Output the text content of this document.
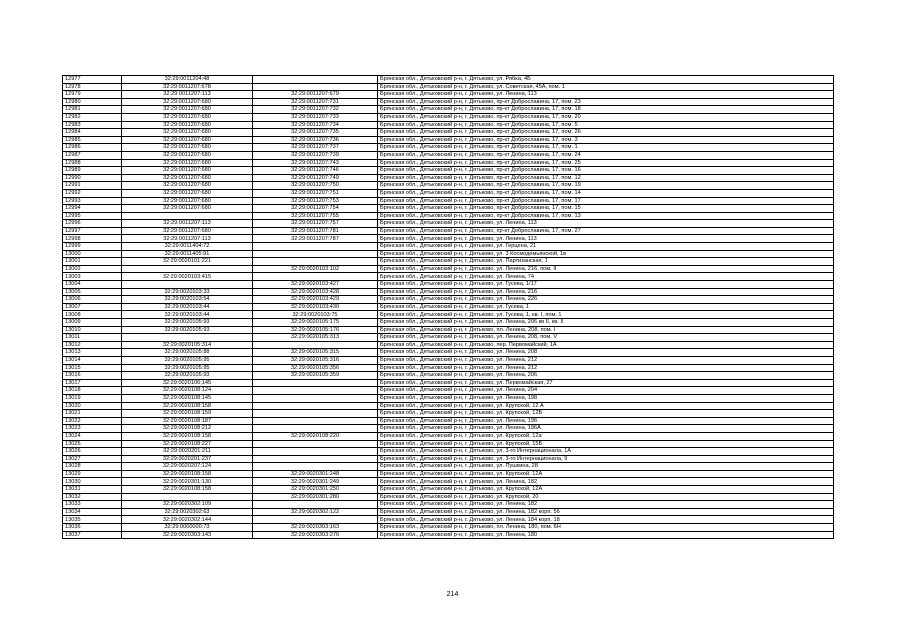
12977	32:29:0011204:48		Брянская обл., Дятьковский р-н, г. Дятьково, ул. Рябка, 4Б
12978	32:29:0011207:678		Брянская обл., Дятьковский р-н, г. Дятьково, ул. Советская, 45А, пом. 1
12979	32:29:0011207:113	32:29:0011207:679	Брянская обл., Дятьковский р-н, г. Дятьково, ул. Ленина, 113
12980	32:29:0011207:680	32:29:0011207:731	Брянская обл., Дятьковский р-н, г. Дятьково, пр-кт Доброславина, 17, пом. 23
12981	32:29:0011207:680	32:29:0011207:732	Брянская обл., Дятьковский р-н, г. Дятьково, пр-кт Доброславина, 17, пом. 18
12982	32:29:0011207:680	32:29:0011207:733	Брянская обл., Дятьковский р-н, г. Дятьково, пр-кт Доброславина, 17, пом. 20
12983	32:29:0011207:680	32:29:0011207:734	Брянская обл., Дятьковский р-н, г. Дятьково, пр-кт Доброславина, 17, пом. 5
12984	32:29:0011207:680	32:29:0011207:735	Брянская обл., Дятьковский р-н, г. Дятьково, пр-кт Доброславина, 17, пом. 26
12985	32:29:0011207:680	32:29:0011207:736	Брянская обл., Дятьковский р-н, г. Дятьково, пр-кт Доброславина, 17, пом. 3
12986	32:29:0011207:680	32:29:0011207:737	Брянская обл., Дятьковский р-н, г. Дятьково, пр-кт Доброславина, 17, пом. 1
12987	32:29:0011207:680	32:29:0011207:739	Брянская обл., Дятьковский р-н, г. Дятьково, пр-кт Доброславина, 17, пом. 24
12988	32:29:0011207:680	32:29:0011207:743	Брянская обл., Дятьковский р-н, г. Дятьково, пр-кт Доброславина, 17, пом. 25
12989	32:29:0011207:680	32:29:0011207:746	Брянская обл., Дятьковский р-н, г. Дятьково, пр-кт Доброславина, 17, пом. 16
12990	32:29:0011207:680	32:29:0011207:749	Брянская обл., Дятьковский р-н, г. Дятьково, пр-кт Доброславина, 17, пом. 12
12991	32:29:0011207:680	32:29:0011207:750	Брянская обл., Дятьковский р-н, г. Дятьково, пр-кт Доброславина, 17, пом. 19
12992	32:29:0011207:680	32:29:0011207:751	Брянская обл., Дятьковский р-н, г. Дятьково, пр-кт Доброславина, 17, пом. 14
12993	32:29:0011207:680	32:29:0011207:753	Брянская обл., Дятьковский р-н, г. Дятьково, пр-кт Доброславина, 17, пом. 17
12994	32:29:0011207:680	32:29:0011207:754	Брянская обл., Дятьковский р-н, г. Дятьково, пр-кт Доброславина, 17, пом. 15
12995		32:29:0011207:755	Брянская обл., Дятьковский р-н, г. Дятьково, пр-кт Доброславина, 17, пом. 13
12996	32:29:0011207:113	32:29:0011207:757	Брянская обл., Дятьковский р-н, г. Дятьково, ул. Ленина, 113
12997	32:29:0011207:680	32:29:0011207:781	Брянская обл., Дятьковский р-н, г. Дятьково, пр-кт Доброславина, 17, пом. 27
12998	32:29:0011207:113	32:29:0011207:787	Брянская обл., Дятьковский р-н, г. Дятьково, ул. Ленина, 113
12999	32:29:0011404:72		Брянская обл., Дятьковский р-н, г. Дятьково, ул. Герцена, 21
13000	32:29:0011405:91		Брянская обл., Дятьковский р-н, г. Дятьково, ул. 3 Космодемьянской, 1в
13001	32:29:0020101:221		Брянская обл., Дятьковский р-н, г. Дятьково, ул. Партизанская, 1
13002		32:29:0020103:102	Брянская обл., Дятьковский р-н, г. Дятьково, ул. Ленина, 216, пом. II
13003	32:29:0020103:415		Брянская обл., Дятьковский р-н, г. Дятьково, ул. Ленина, 74
13004		32:29:0020103:427	Брянская обл., Дятьковский р-н, г. Дятьково, ул. Гусева, 1/17
13005	32:29:0020103:33	32:29:0020103:428	Брянская обл., Дятьковский р-н, г. Дятьково, ул. Ленина, 216
13006	32:29:0020103:54	32:29:0020103:429	Брянская обл., Дятьковский р-н, г. Дятьково, ул. Ленина, 226
13007	32:29:0020103:44	32:29:0020103:430	Брянская обл., Дятьковский р-н, г. Дятьково, ул. Гусева, 1
13008	32:29:0020103:44	32:29:0020103:75	Брянская обл., Дятьковский р-н, г. Дятьково, ул. Гусева, 1, кв. I, пом. 1
13009	32:29:0020105:93	32:29:0020105:175	Брянская обл., Дятьковский р-н, г. Дятьково, ул. Ленина, 206 кв II, кв. II
13010	32:29:0020105:93	32:29:0020105:176	Брянская обл., Дятьковский р-н, г. Дятьково, пл. Ленина, 208, пом. I
13011		32:29:0020105:313	Брянская обл., Дятьковский р-н, г. Дятьково, ул. Ленина, 208, пом. V
13012	32:29:0020105:314		Брянская обл., Дятьковский р-н, г. Дятьково, пер. Первомайский, 1А
13013	32:29:0020105:88	32:29:0020105:315	Брянская обл., Дятьковский р-н, г. Дятьково, ул. Ленина, 208
13014	32:29:0020105:95	32:29:0020105:316	Брянская обл., Дятьковский р-н, г. Дятьково, ул. Ленина, 212
13015	32:29:0020105:95	32:29:0020105:356	Брянская обл., Дятьковский р-н, г. Дятьково, ул. Ленина, 212
13016	32:29:0020105:93	32:29:0020105:359	Брянская обл., Дятьковский р-н, г. Дятьково, ул. Ленина, 206
13017	32:29:0020106:145		Брянская обл., Дятьковский р-н, г. Дятьково, ул. Первомайская, 27
13018	32:29:0020108:124		Брянская обл., Дятьковский р-н, г. Дятьково, ул. Ленина, 204
13019	32:29:0020108:145		Брянская обл., Дятьковский р-н, г. Дятьково, ул. Ленина, 198
13020	32:29:0020108:158		Брянская обл., Дятьковский р-н, г. Дятьково, ул. Крупской, 12 А
13021	32:29:0020108:159		Брянская обл., Дятьковский р-н, г. Дятьково, ул. Крупской, 12Б
13022	32:29:0020108:187		Брянская обл., Дятьковский р-н, г. Дятьково, ул. Ленина, 196
13023	32:29:0020108:212		Брянская обл., Дятьковский р-н, г. Дятьково, ул. Ленина, 196А
13024	32:29:0020108:158	32:29:0020108:220	Брянская обл., Дятьковский р-н, г. Дятьково, ул. Крупской, 12а
13025	32:29:0020108:227		Брянская обл., Дятьковский р-н, г. Дятьково, ул. Крупской, 15Б
13026	32:29:0020201:211		Брянская обл., Дятьковский р-н, г. Дятьково, ул. 3-го Интернационала, 1А
13027	32:29:0020201:237		Брянская обл., Дятьковский р-н, г. Дятьково, ул. 3-го Интернационала, 9
13028	32:29:0020207:124		Брянская обл., Дятьковский р-н, г. Дятьково, ул. Пушкина, 28
13029	32:29:0020108:158	32:29:0020301:248	Брянская обл., Дятьковский р-н, г. Дятьково, ул. Крупской, 12А
13030	32:29:0020301:130	32:29:0020301:249	Брянская обл., Дятьковский р-н, г. Дятьково, ул. Ленина, 182
13031	32:29:0020108:158	32:29:0020301:250	Брянская обл., Дятьковский р-н, г. Дятьково, ул. Крупской, 12А
13032		32:29:0020301:280	Брянская обл., Дятьковский р-н, г. Дятьково, ул. Крупской, 20
13033	32:29:0020302:109		Брянская обл., Дятьковский р-н, г. Дятьково, ул. Ленина, 182
13034	32:29:0020302:63	32:29:0020302:122	Брянская обл., Дятьковский р-н, г. Дятьково, ул. Ленина, 182 корп. 56
13035	32:29:0020302:144		Брянская обл., Дятьковский р-н, г. Дятьково, ул. Ленина, 184 корп. 18
13036	32:29:0000000:73	32:29:0020303:163	Брянская обл., Дятьковский р-н, г. Дятьково, пл. Ленина, 180, пом. 6Н
13037	32:29:0020303:143	32:29:0020303:276	Брянская обл., Дятьковский р-н, г. Дятьково, ул. Ленина, 180
214
